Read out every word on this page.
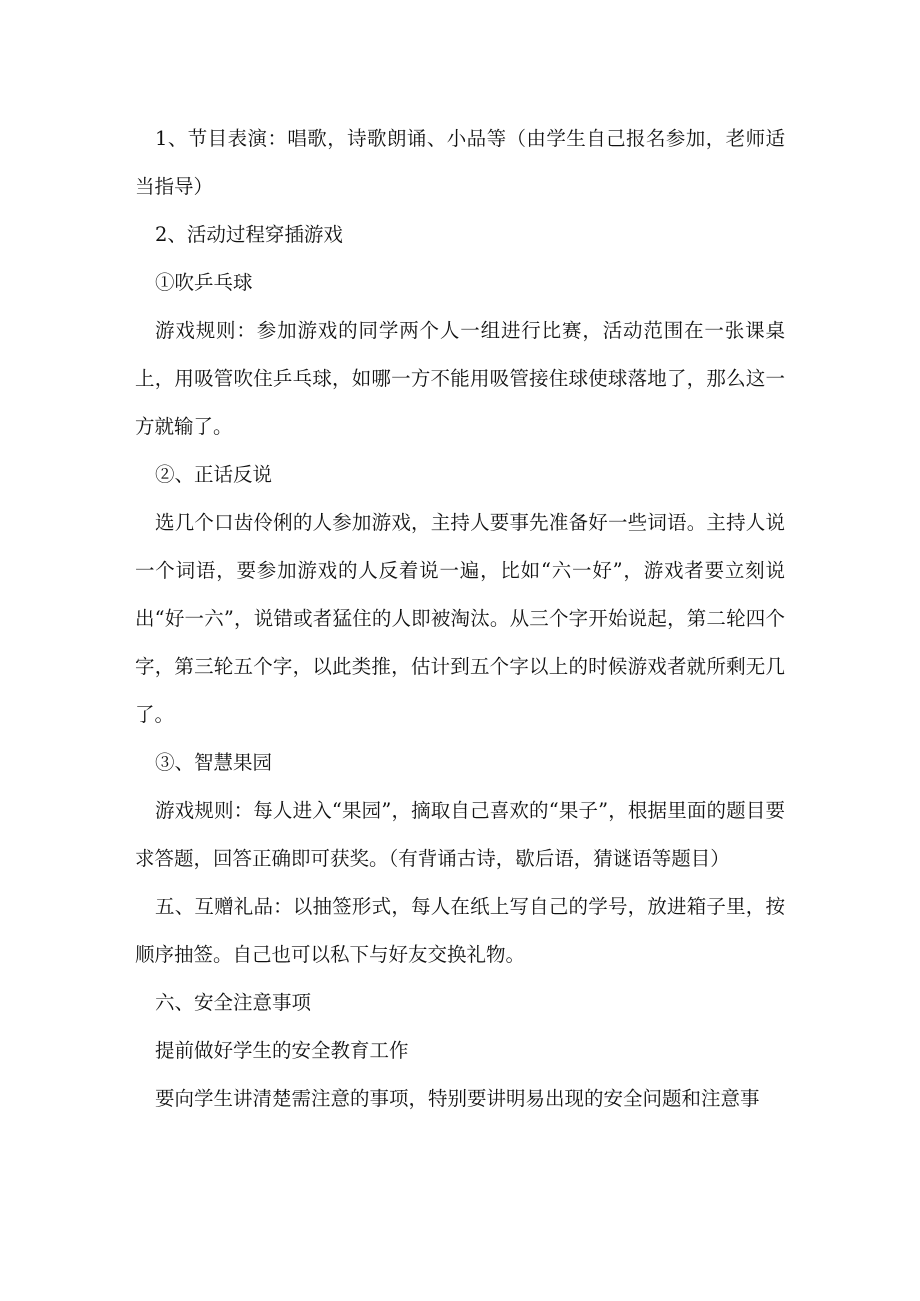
1、节目表演：唱歌，诗歌朗诵、小品等（由学生自己报名参加，老师适当指导）

2、活动过程穿插游戏

①吹乒乓球

游戏规则：参加游戏的同学两个人一组进行比赛，活动范围在一张课桌上，用吸管吹住乒乓球，如哪一方不能用吸管接住球使球落地了，那么这一方就输了。

②、正话反说

选几个口齿伶俐的人参加游戏，主持人要事先准备好一些词语。主持人说一个词语，要参加游戏的人反着说一遍，比如“六一好”，游戏者要立刻说出“好一六”，说错或者猛住的人即被淘汰。从三个字开始说起，第二轮四个字，第三轮五个字，以此类推，估计到五个字以上的时候游戏者就所剩无几了。

③、智慧果园

游戏规则：每人进入“果园”，摘取自己喜欢的“果子”，根据里面的题目要求答题，回答正确即可获奖。（有背诵古诗，歇后语，猜谜语等题目）

五、互赠礼品：以抽签形式，每人在纸上写自己的学号，放进箱子里，按顺序抽签。自己也可以私下与好友交换礼物。

六、安全注意事项

提前做好学生的安全教育工作

要向学生讲清楚需注意的事项，特别要讲明易出现的安全问题和注意事
